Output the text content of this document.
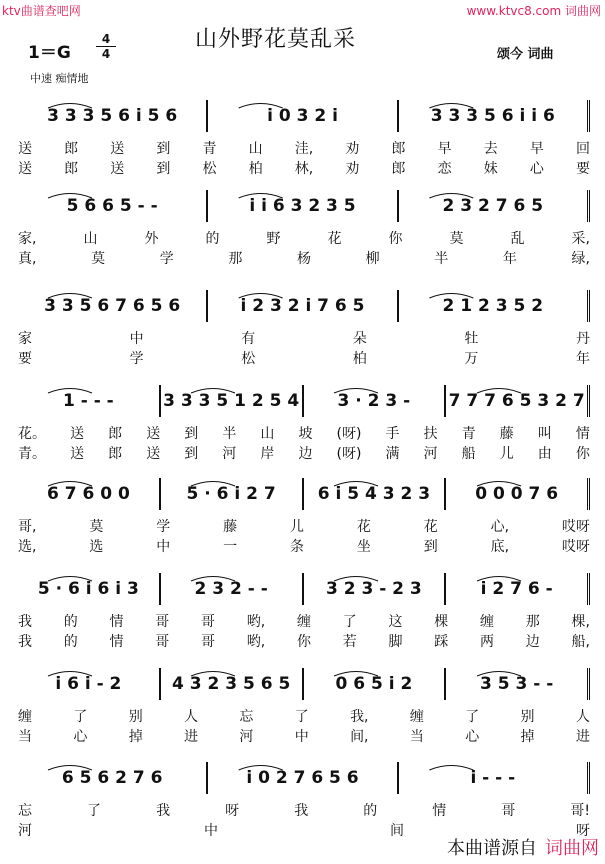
ktv曲谱查吧网	www.ktvc8.com 词曲网
1＝G
4
4
山外野花莫乱采
颂今 词曲
中速 痴情地
3 3 3 5 6 i 5 6	i 0 3 2 i	3 3 3 5 6 i i 6
送 郎 送 到 青 山 洼, 劝 郎 早 去 早 回
送 郎 送 到 松 柏 林, 劝 郎 恋 妹 心 要
5 6 6 5 - -	i i 6 3 2 3 5	2 3 2 7 6 5
家,	山	外	的	野	花	你	莫	乱	采,
真,	莫	学	那	杨	柳	半	年	绿,
3 3 5 6 7 6 5 6	i 2 3 2 i 7 6 5	2 1 2 3 5 2
家	中	有	朵	牡	丹
要	学	松	柏	万	年
1 - - -	3 3 3 5 1 2 5 4	3 · 2 3 -	7 7 7 6 5 3 2 7
花。 送 郎 送 到 半 山 坡 (呀) 手 扶 青 藤 叫 情
青。 送 郎 送 到 河 岸 边 (呀) 满 河 船 儿 由 你
6 7 6 0 0	5 · 6 i 2 7	6 i 5 4 3 2 3	0 0 0 7 6
哥,	莫	学	藤	儿	花	花	心,	哎呀
选,	选	中	一	条	坐	到	底,	哎呀
5 · 6 i 6 i 3	2 3 2 - -	3 2 3 - 2 3	i 2 7 6 -
我 的 情 哥 哥 哟, 缠 了 这 棵 缠 那 棵,
我 的 情 哥 哥 哟, 你 若 脚 踩 两 边 船,
i 6 i - 2	4 3 2 3 5 6 5	0 6 5 i 2	3 5 3 - -
缠	了	别	人	忘	了	我,	缠	了	别	人
当	心	掉	进	河	中	间,	当	心	掉	进
6 5 6 2 7 6	i 0 2 7 6 5 6	i - - -
忘	了	我	呀	我	的	情	哥	哥!
河	中	间	呀
本曲谱源自 词曲网
